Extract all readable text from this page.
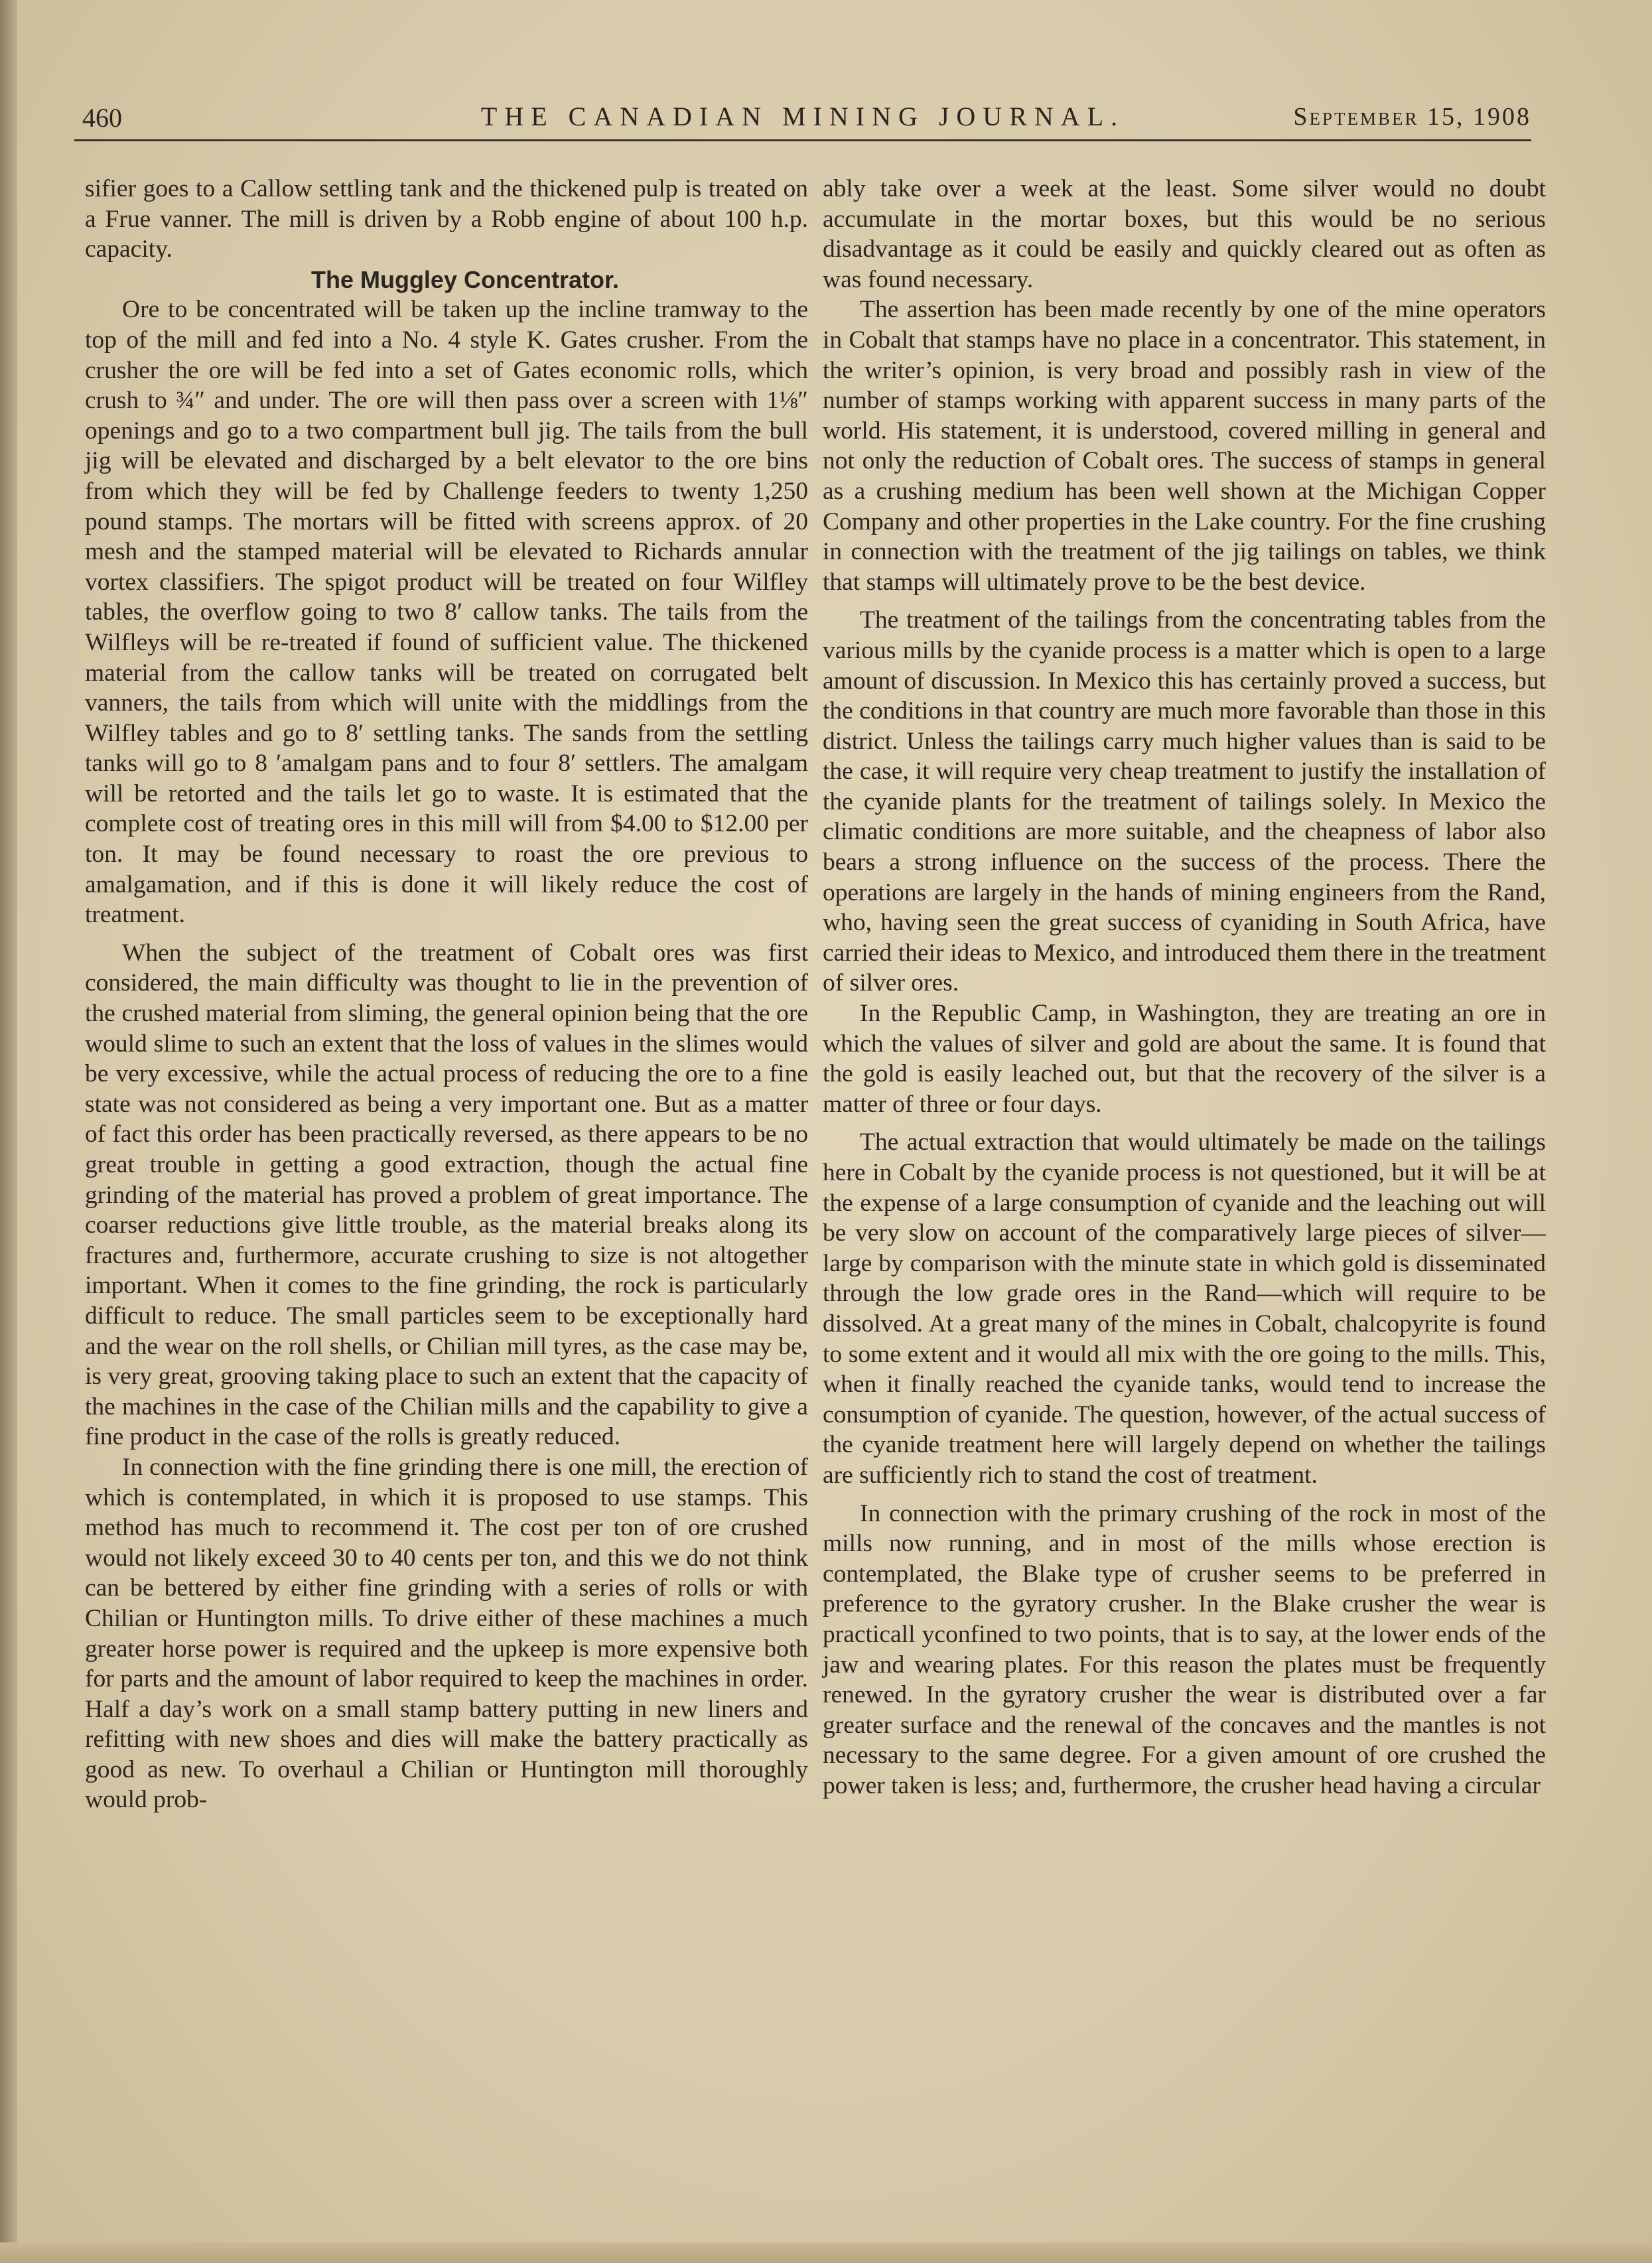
460	THE CANADIAN MINING JOURNAL.	September 15, 1908

sifier goes to a Callow settling tank and the thickened pulp is treated on a Frue vanner. The mill is driven by a Robb engine of about 100 h.p. capacity.

The Muggley Concentrator.

Ore to be concentrated will be taken up the incline tramway to the top of the mill and fed into a No. 4 style K. Gates crusher. From the crusher the ore will be fed into a set of Gates economic rolls, which crush to ¾″ and under. The ore will then pass over a screen with 1⅛″ openings and go to a two compartment bull jig. The tails from the bull jig will be elevated and discharged by a belt elevator to the ore bins from which they will be fed by Challenge feeders to twenty 1,250 pound stamps. The mortars will be fitted with screens approx. of 20 mesh and the stamped material will be elevated to Richards annular vortex classifiers. The spigot product will be treated on four Wilfley tables, the overflow going to two 8′ callow tanks. The tails from the Wilfleys will be re-treated if found of sufficient value. The thickened material from the callow tanks will be treated on corrugated belt vanners, the tails from which will unite with the middlings from the Wilfley tables and go to 8′ settling tanks. The sands from the settling tanks will go to 8 ′amalgam pans and to four 8′ settlers. The amalgam will be retorted and the tails let go to waste. It is estimated that the complete cost of treating ores in this mill will from $4.00 to $12.00 per ton. It may be found necessary to roast the ore previous to amalgamation, and if this is done it will likely reduce the cost of treatment.

When the subject of the treatment of Cobalt ores was first considered, the main difficulty was thought to lie in the prevention of the crushed material from sliming, the general opinion being that the ore would slime to such an extent that the loss of values in the slimes would be very excessive, while the actual process of reducing the ore to a fine state was not considered as being a very important one. But as a matter of fact this order has been practically reversed, as there appears to be no great trouble in getting a good extraction, though the actual fine grinding of the material has proved a problem of great importance. The coarser reductions give little trouble, as the material breaks along its fractures and, furthermore, accurate crushing to size is not altogether important. When it comes to the fine grinding, the rock is particularly difficult to reduce. The small particles seem to be exceptionally hard and the wear on the roll shells, or Chilian mill tyres, as the case may be, is very great, grooving taking place to such an extent that the capacity of the machines in the case of the Chilian mills and the capability to give a fine product in the case of the rolls is greatly reduced.

In connection with the fine grinding there is one mill, the erection of which is contemplated, in which it is proposed to use stamps. This method has much to recommend it. The cost per ton of ore crushed would not likely exceed 30 to 40 cents per ton, and this we do not think can be bettered by either fine grinding with a series of rolls or with Chilian or Huntington mills. To drive either of these machines a much greater horse power is required and the upkeep is more expensive both for parts and the amount of labor required to keep the machines in order. Half a day’s work on a small stamp battery putting in new liners and refitting with new shoes and dies will make the battery practically as good as new. To overhaul a Chilian or Huntington mill thoroughly would prob-

ably take over a week at the least. Some silver would no doubt accumulate in the mortar boxes, but this would be no serious disadvantage as it could be easily and quickly cleared out as often as was found necessary.

The assertion has been made recently by one of the mine operators in Cobalt that stamps have no place in a concentrator. This statement, in the writer’s opinion, is very broad and possibly rash in view of the number of stamps working with apparent success in many parts of the world. His statement, it is understood, covered milling in general and not only the reduction of Cobalt ores. The success of stamps in general as a crushing medium has been well shown at the Michigan Copper Company and other properties in the Lake country. For the fine crushing in connection with the treatment of the jig tailings on tables, we think that stamps will ultimately prove to be the best device.

The treatment of the tailings from the concentrating tables from the various mills by the cyanide process is a matter which is open to a large amount of discussion. In Mexico this has certainly proved a success, but the conditions in that country are much more favorable than those in this district. Unless the tailings carry much higher values than is said to be the case, it will require very cheap treatment to justify the installation of the cyanide plants for the treatment of tailings solely. In Mexico the climatic conditions are more suitable, and the cheapness of labor also bears a strong influence on the success of the process. There the operations are largely in the hands of mining engineers from the Rand, who, having seen the great success of cyaniding in South Africa, have carried their ideas to Mexico, and introduced them there in the treatment of silver ores.

In the Republic Camp, in Washington, they are treating an ore in which the values of silver and gold are about the same. It is found that the gold is easily leached out, but that the recovery of the silver is a matter of three or four days.

The actual extraction that would ultimately be made on the tailings here in Cobalt by the cyanide process is not questioned, but it will be at the expense of a large consumption of cyanide and the leaching out will be very slow on account of the comparatively large pieces of silver—large by comparison with the minute state in which gold is disseminated through the low grade ores in the Rand—which will require to be dissolved. At a great many of the mines in Cobalt, chalcopyrite is found to some extent and it would all mix with the ore going to the mills. This, when it finally reached the cyanide tanks, would tend to increase the consumption of cyanide. The question, however, of the actual success of the cyanide treatment here will largely depend on whether the tailings are sufficiently rich to stand the cost of treatment.

In connection with the primary crushing of the rock in most of the mills now running, and in most of the mills whose erection is contemplated, the Blake type of crusher seems to be preferred in preference to the gyratory crusher. In the Blake crusher the wear is practicall yconfined to two points, that is to say, at the lower ends of the jaw and wearing plates. For this reason the plates must be frequently renewed. In the gyratory crusher the wear is distributed over a far greater surface and the renewal of the concaves and the mantles is not necessary to the same degree. For a given amount of ore crushed the power taken is less; and, furthermore, the crusher head having a circular
